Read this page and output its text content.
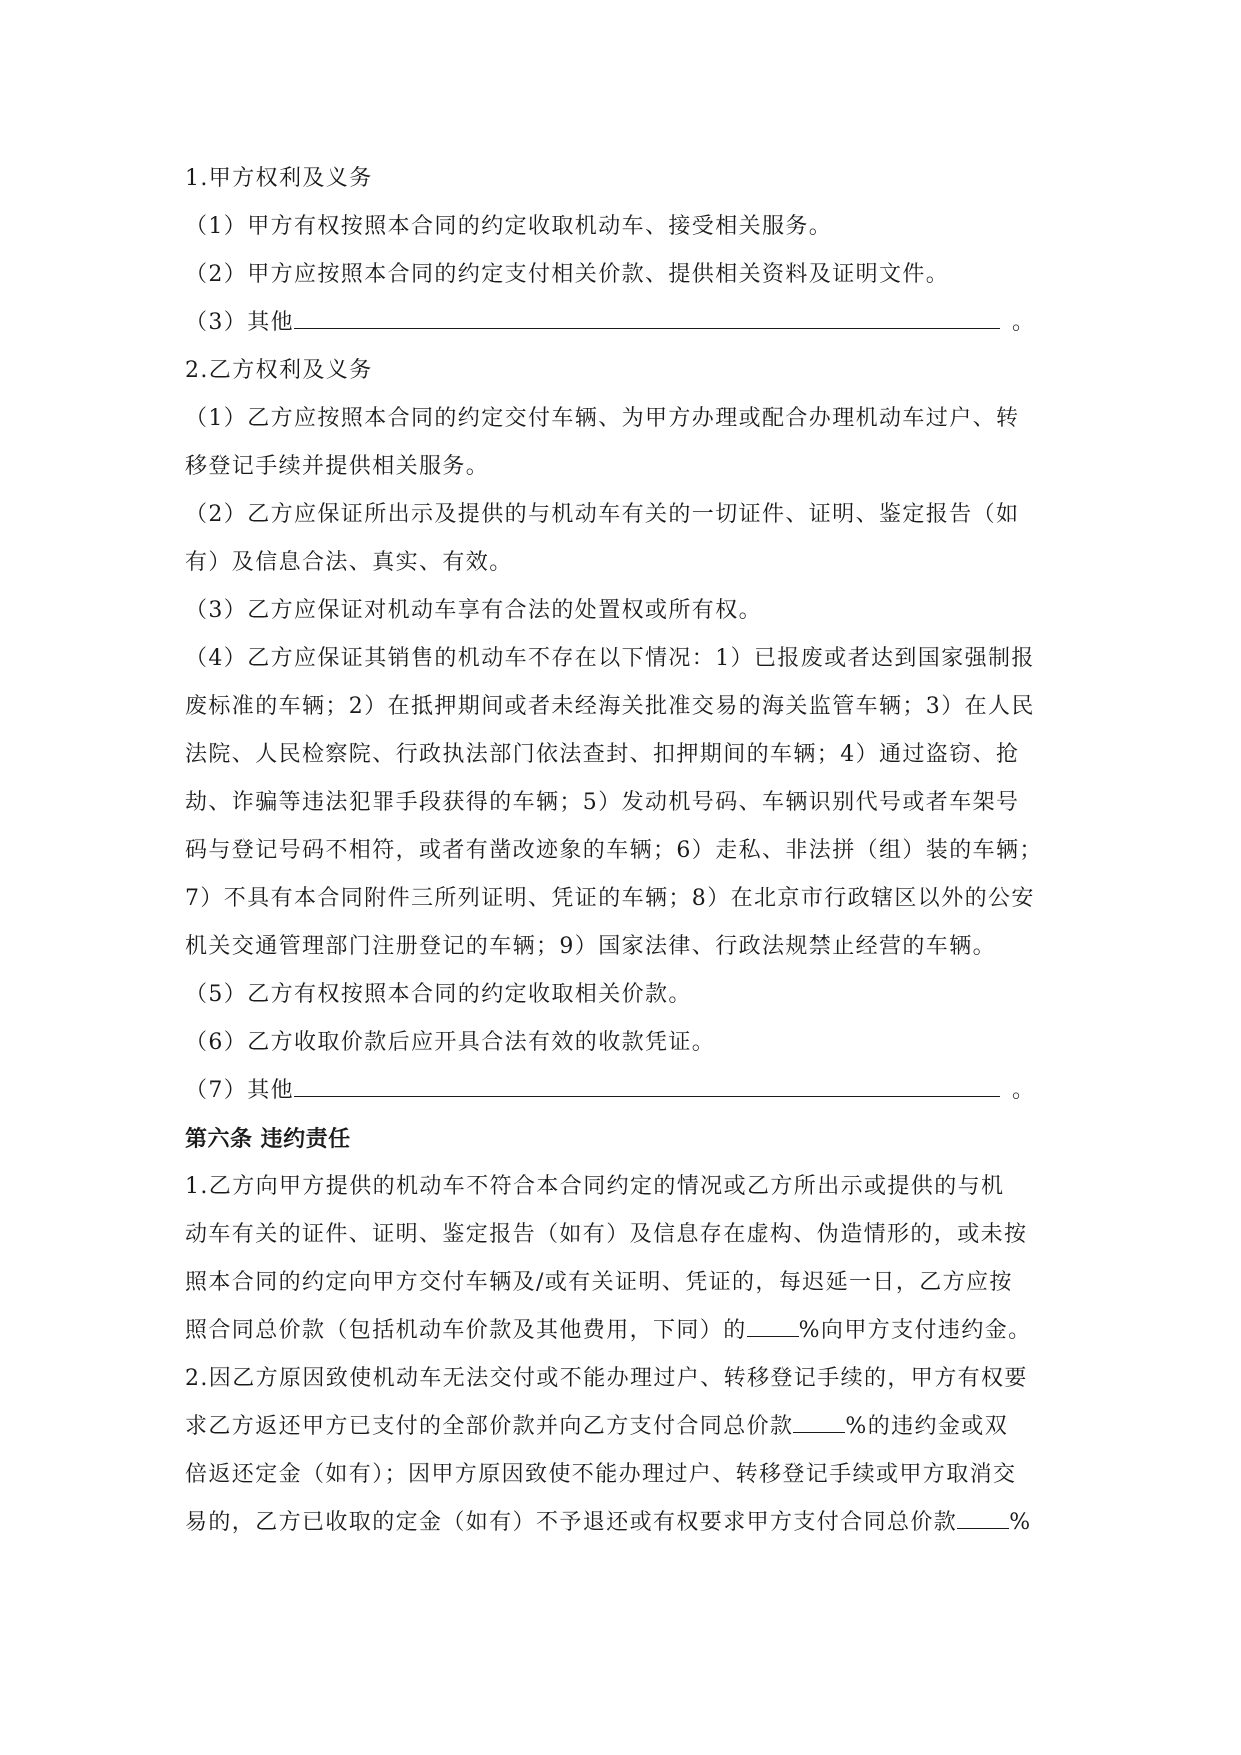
1.甲方权利及义务
（1）甲方有权按照本合同的约定收取机动车、接受相关服务。
（2）甲方应按照本合同的约定支付相关价款、提供相关资料及证明文件。
（3）其他	。
2.乙方权利及义务
（1）乙方应按照本合同的约定交付车辆、为甲方办理或配合办理机动车过户、转
移登记手续并提供相关服务。
（2）乙方应保证所出示及提供的与机动车有关的一切证件、证明、鉴定报告（如
有）及信息合法、真实、有效。
（3）乙方应保证对机动车享有合法的处置权或所有权。
（4）乙方应保证其销售的机动车不存在以下情况：1）已报废或者达到国家强制报
废标准的车辆；2）在抵押期间或者未经海关批准交易的海关监管车辆；3）在人民
法院、人民检察院、行政执法部门依法查封、扣押期间的车辆；4）通过盗窃、抢
劫、诈骗等违法犯罪手段获得的车辆；5）发动机号码、车辆识别代号或者车架号
码与登记号码不相符，或者有凿改迹象的车辆；6）走私、非法拼（组）装的车辆；
7）不具有本合同附件三所列证明、凭证的车辆；8）在北京市行政辖区以外的公安
机关交通管理部门注册登记的车辆；9）国家法律、行政法规禁止经营的车辆。
（5）乙方有权按照本合同的约定收取相关价款。
（6）乙方收取价款后应开具合法有效的收款凭证。
（7）其他	。
第六条 违约责任
1.乙方向甲方提供的机动车不符合本合同约定的情况或乙方所出示或提供的与机
动车有关的证件、证明、鉴定报告（如有）及信息存在虚构、伪造情形的，或未按
照本合同的约定向甲方交付车辆及/或有关证明、凭证的，每迟延一日，乙方应按
照合同总价款（包括机动车价款及其他费用，下同）的 %向甲方支付违约金。
2.因乙方原因致使机动车无法交付或不能办理过户、转移登记手续的，甲方有权要
求乙方返还甲方已支付的全部价款并向乙方支付合同总价款 %的违约金或双
倍返还定金（如有）；因甲方原因致使不能办理过户、转移登记手续或甲方取消交
易的，乙方已收取的定金（如有）不予退还或有权要求甲方支付合同总价款 %
